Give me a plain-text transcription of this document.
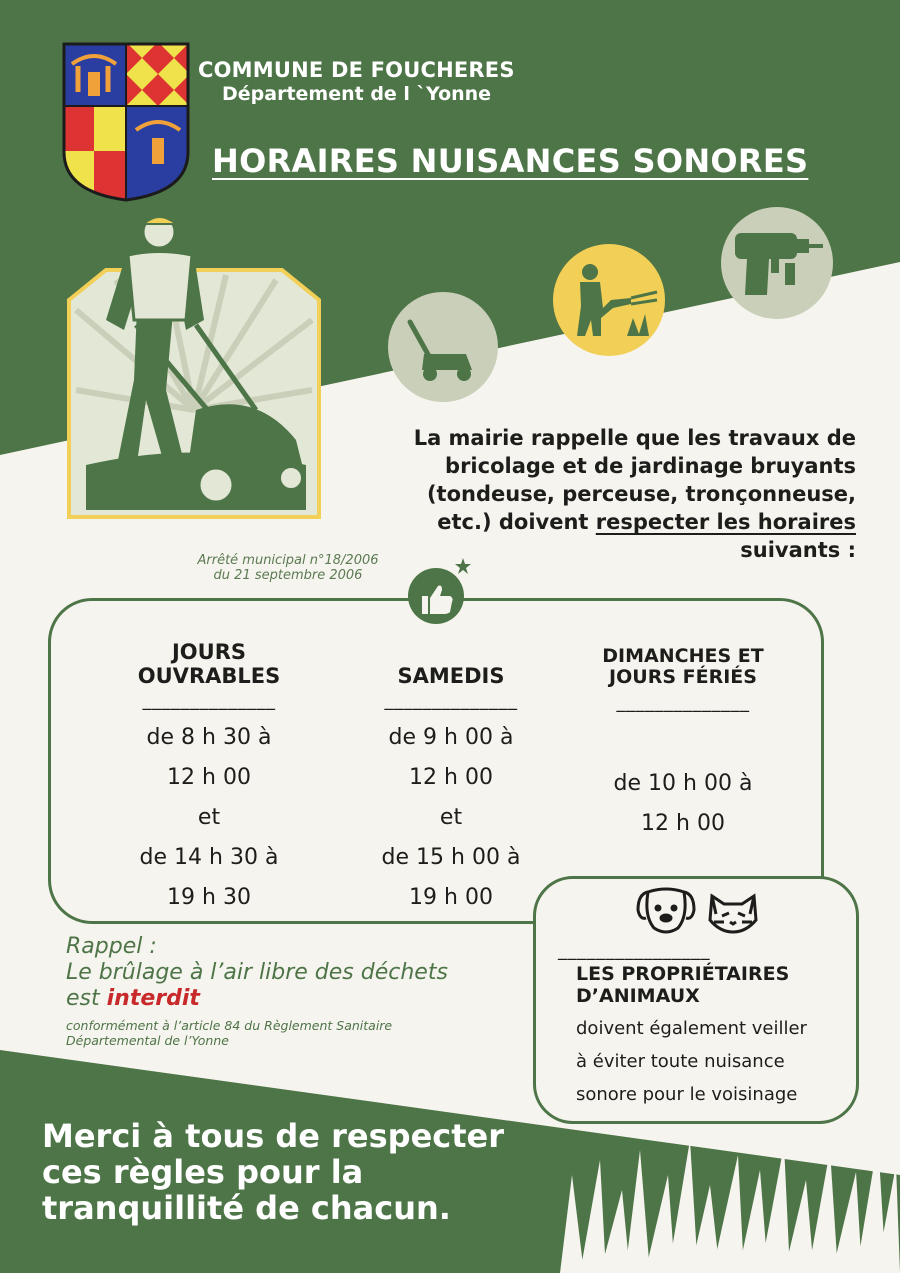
COMMUNE DE FOUCHERES
Département de l `Yonne
HORAIRES NUISANCES SONORES
La mairie rappelle que les travaux de
bricolage et de jardinage bruyants
(tondeuse, perceuse, tronçonneuse,
etc.) doivent respecter les horaires
suivants :
Arrêté municipal n°18/2006
du 21 septembre 2006
JOURS
OUVRABLES
______________
de 8 h 30 à
12 h 00
et
de 14 h 30 à
19 h 30
SAMEDIS
______________
de 9 h 00 à
12 h 00
et
de 15 h 00 à
19 h 00
DIMANCHES ET
JOURS FÉRIÉS
______________
de 10 h 00 à
12 h 00
Rappel :
Le brûlage à l’air libre des déchets
est interdit
conformément à l’article 84 du Règlement Sanitaire
Départemental de l’Yonne
________________
LES PROPRIÉTAIRES
D’ANIMAUX
doivent également veiller
à éviter toute nuisance
sonore pour le voisinage
Merci à tous de respecter
ces règles pour la
tranquillité de chacun.
